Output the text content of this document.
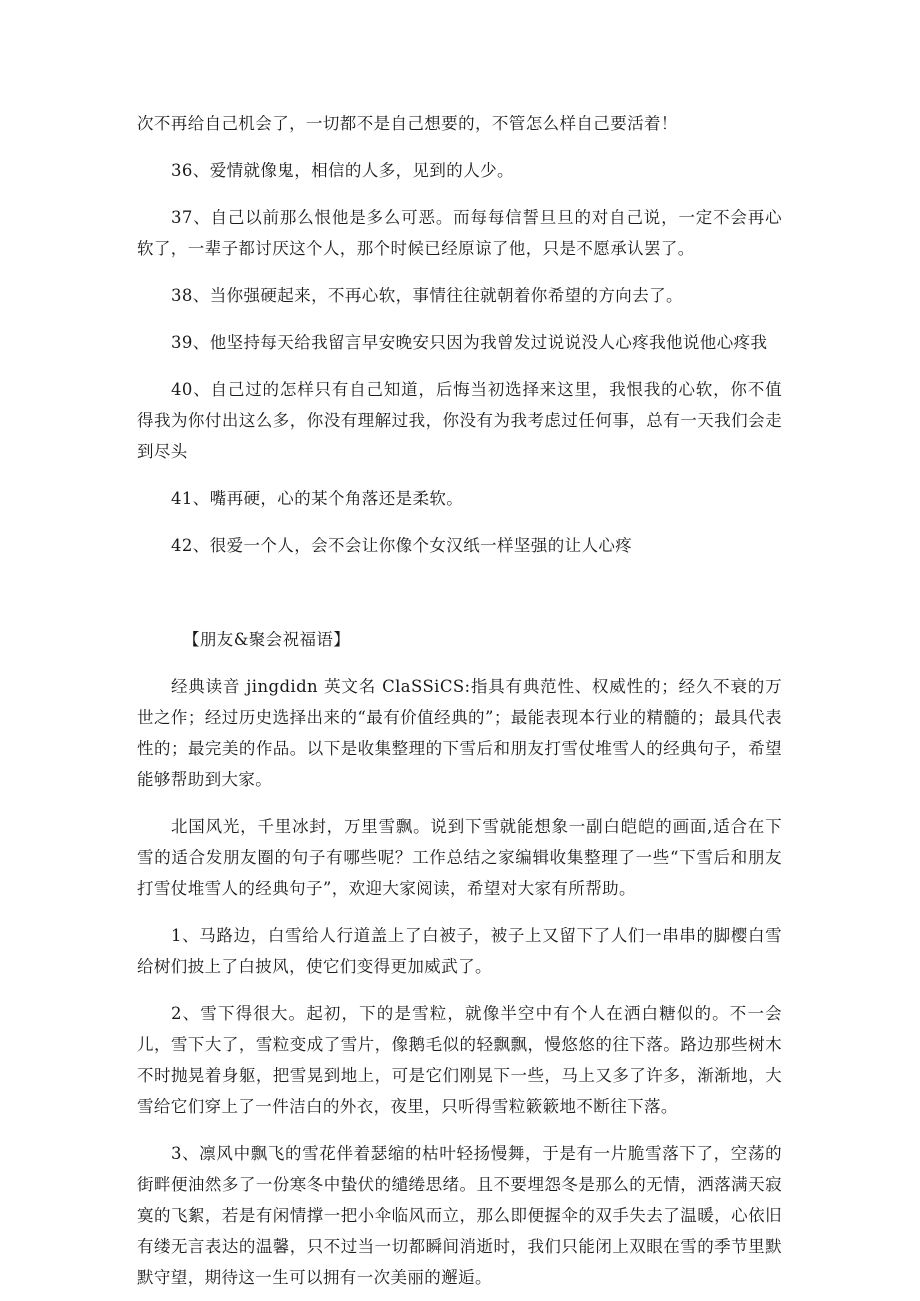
次不再给自己机会了，一切都不是自己想要的，不管怎么样自己要活着！

36、爱情就像鬼，相信的人多，见到的人少。

37、自己以前那么恨他是多么可恶。而每每信誓旦旦的对自己说，一定不会再心软了，一辈子都讨厌这个人，那个时候已经原谅了他，只是不愿承认罢了。

38、当你强硬起来，不再心软，事情往往就朝着你希望的方向去了。

39、他坚持每天给我留言早安晚安只因为我曾发过说说没人心疼我他说他心疼我

40、自己过的怎样只有自己知道，后悔当初选择来这里，我恨我的心软，你不值得我为你付出这么多，你没有理解过我，你没有为我考虑过任何事，总有一天我们会走到尽头

41、嘴再硬，心的某个角落还是柔软。

42、很爱一个人，会不会让你像个女汉纸一样坚强的让人心疼

【朋友&聚会祝福语】

经典读音 jingdidn 英文名 ClaSSiCS:指具有典范性、权威性的；经久不衰的万世之作；经过历史选择出来的“最有价值经典的”；最能表现本行业的精髓的；最具代表性的；最完美的作品。以下是收集整理的下雪后和朋友打雪仗堆雪人的经典句子，希望能够帮助到大家。

北国风光，千里冰封，万里雪飘。说到下雪就能想象一副白皑皑的画面,适合在下雪的适合发朋友圈的句子有哪些呢？工作总结之家编辑收集整理了一些“下雪后和朋友打雪仗堆雪人的经典句子”，欢迎大家阅读，希望对大家有所帮助。

1、马路边，白雪给人行道盖上了白被子，被子上又留下了人们一串串的脚樱白雪给树们披上了白披风，使它们变得更加威武了。

2、雪下得很大。起初，下的是雪粒，就像半空中有个人在洒白糖似的。不一会儿，雪下大了，雪粒变成了雪片，像鹅毛似的轻飘飘，慢悠悠的往下落。路边那些树木不时抛晃着身躯，把雪晃到地上，可是它们刚晃下一些，马上又多了许多，渐渐地，大雪给它们穿上了一件洁白的外衣，夜里，只听得雪粒簌簌地不断往下落。

3、凛风中飘飞的雪花伴着瑟缩的枯叶轻扬慢舞，于是有一片脆雪落下了，空荡的街畔便油然多了一份寒冬中蛰伏的缱绻思绪。且不要埋怨冬是那么的无情，洒落满天寂寞的飞絮，若是有闲情撑一把小伞临风而立，那么即便握伞的双手失去了温暖，心依旧有缕无言表达的温馨，只不过当一切都瞬间消逝时，我们只能闭上双眼在雪的季节里默默守望，期待这一生可以拥有一次美丽的邂逅。
